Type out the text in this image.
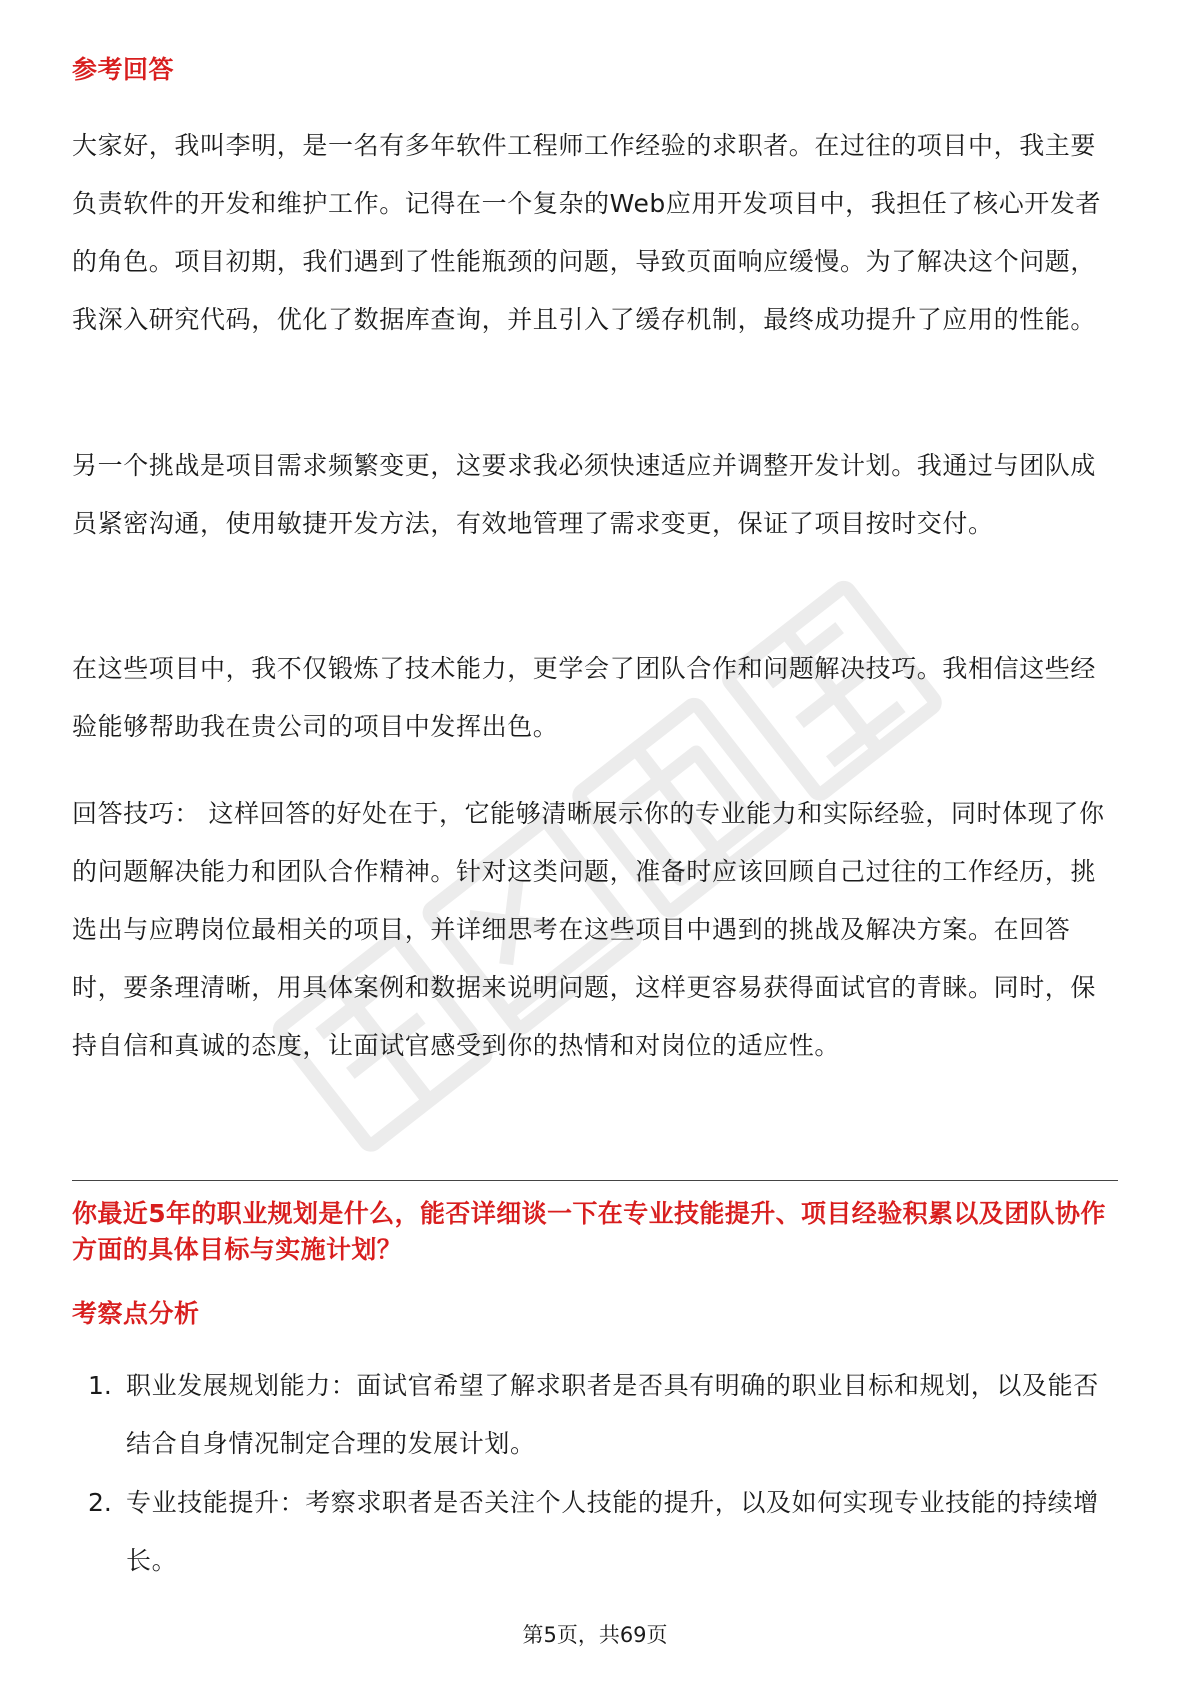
参考回答

大家好，我叫李明，是一名有多年软件工程师工作经验的求职者。在过往的项目中，我主要负责软件的开发和维护工作。记得在一个复杂的Web应用开发项目中，我担任了核心开发者的角色。项目初期，我们遇到了性能瓶颈的问题，导致页面响应缓慢。为了解决这个问题，我深入研究代码，优化了数据库查询，并且引入了缓存机制，最终成功提升了应用的性能。

另一个挑战是项目需求频繁变更，这要求我必须快速适应并调整开发计划。我通过与团队成员紧密沟通，使用敏捷开发方法，有效地管理了需求变更，保证了项目按时交付。

在这些项目中，我不仅锻炼了技术能力，更学会了团队合作和问题解决技巧。我相信这些经验能够帮助我在贵公司的项目中发挥出色。

回答技巧： 这样回答的好处在于，它能够清晰展示你的专业能力和实际经验，同时体现了你的问题解决能力和团队合作精神。针对这类问题，准备时应该回顾自己过往的工作经历，挑选出与应聘岗位最相关的项目，并详细思考在这些项目中遇到的挑战及解决方案。在回答时，要条理清晰，用具体案例和数据来说明问题，这样更容易获得面试官的青睐。同时，保持自信和真诚的态度，让面试官感受到你的热情和对岗位的适应性。

你最近5年的职业规划是什么，能否详细谈一下在专业技能提升、项目经验积累以及团队协作方面的具体目标与实施计划？
考察点分析
1. 职业发展规划能力：面试官希望了解求职者是否具有明确的职业目标和规划，以及能否结合自身情况制定合理的发展计划。
2. 专业技能提升：考察求职者是否关注个人技能的提升，以及如何实现专业技能的持续增长。
第5页，共69页
